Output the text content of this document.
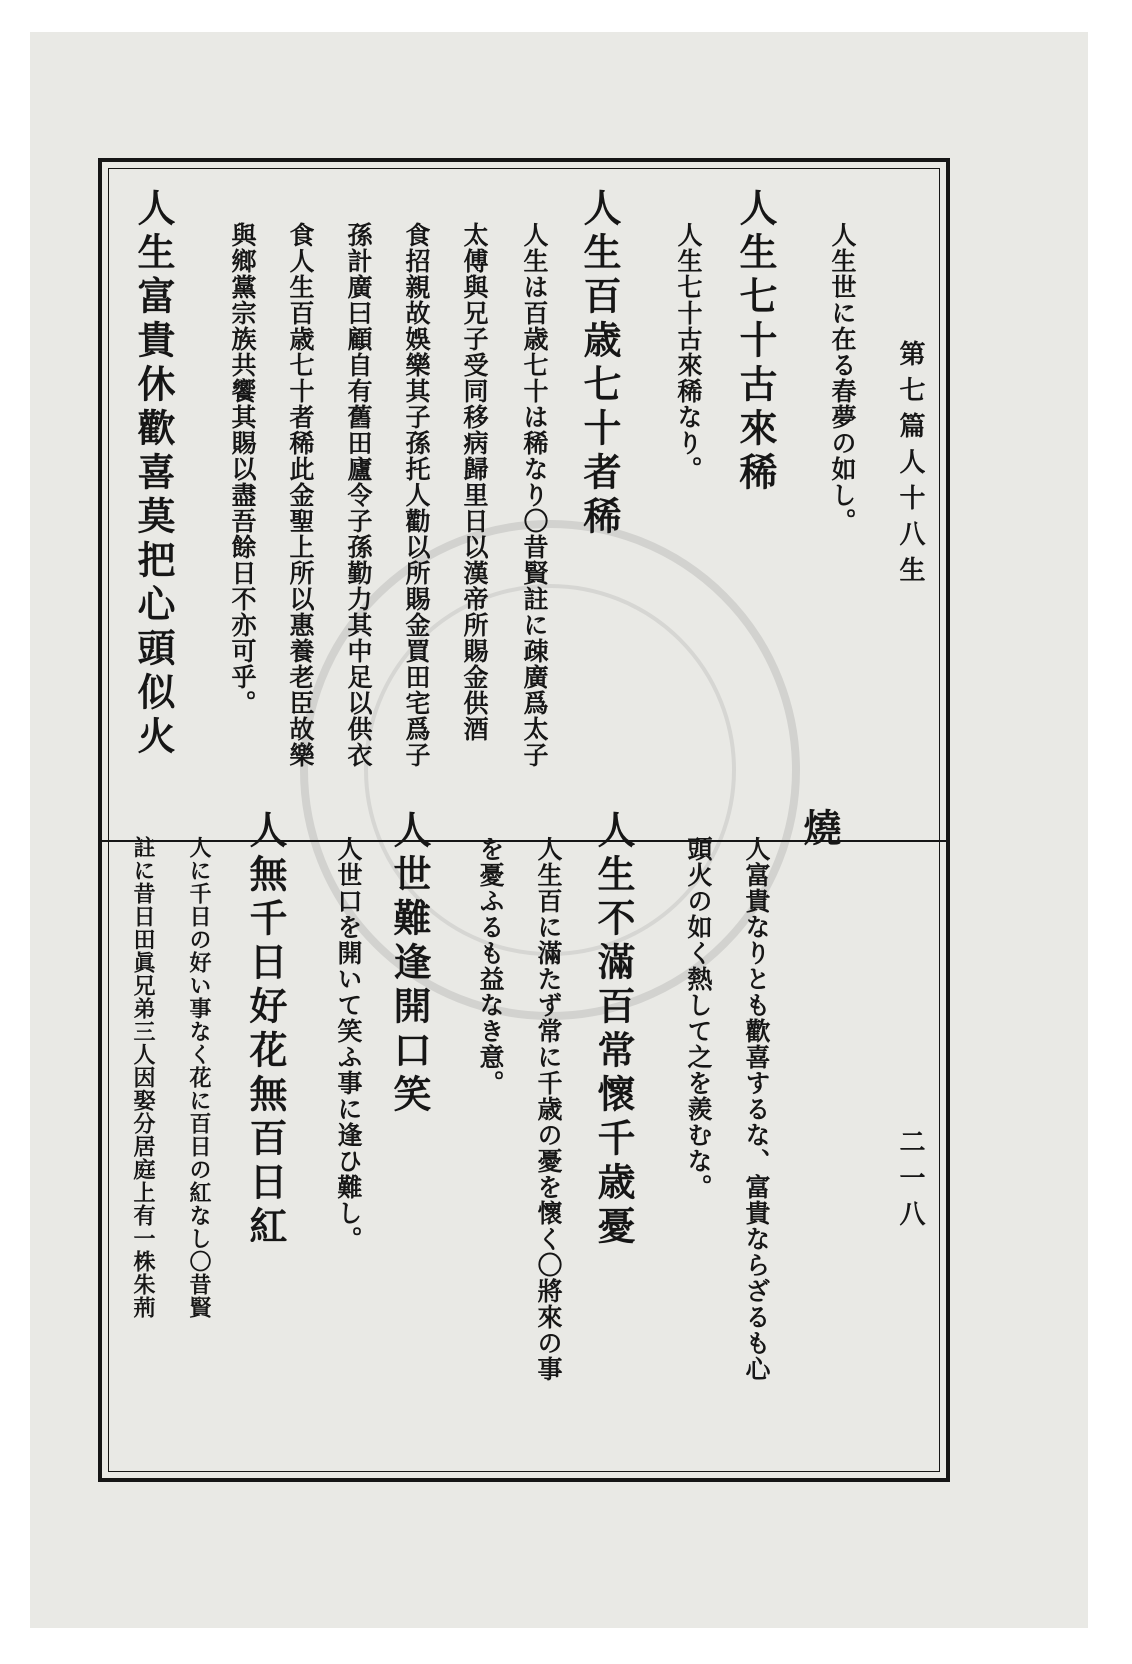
第七篇人十八生
二一八
人生世に在る春夢の如し。
人生七十古來稀
人生七十古來稀なり。
人生百歳七十者稀
人生は百歳七十は稀なり〇昔賢註に疎廣爲太子
太傅與兄子受同移病歸里日以漢帝所賜金供酒
食招親故娛樂其子孫托人勸以所賜金買田宅爲子
孫計廣曰顧自有舊田廬令子孫勤力其中足以供衣
食人生百歳七十者稀此金聖上所以惠養老臣故樂
與鄉黨宗族共饗其賜以盡吾餘日不亦可乎。
人生富貴休歡喜莫把心頭似火
燒
人富貴なりとも歡喜するな、富貴ならざるも心
頭火の如く熱して之を羨むな。
人生不滿百常懷千歳憂
人生百に滿たず常に千歳の憂を懷く〇將來の事
を憂ふるも益なき意。
人世難逢開口笑
人世口を開いて笑ふ事に逢ひ難し。
人無千日好花無百日紅
人に千日の好い事なく花に百日の紅なし〇昔賢
註に昔日田眞兄弟三人因娶分居庭上有一株朱荊
